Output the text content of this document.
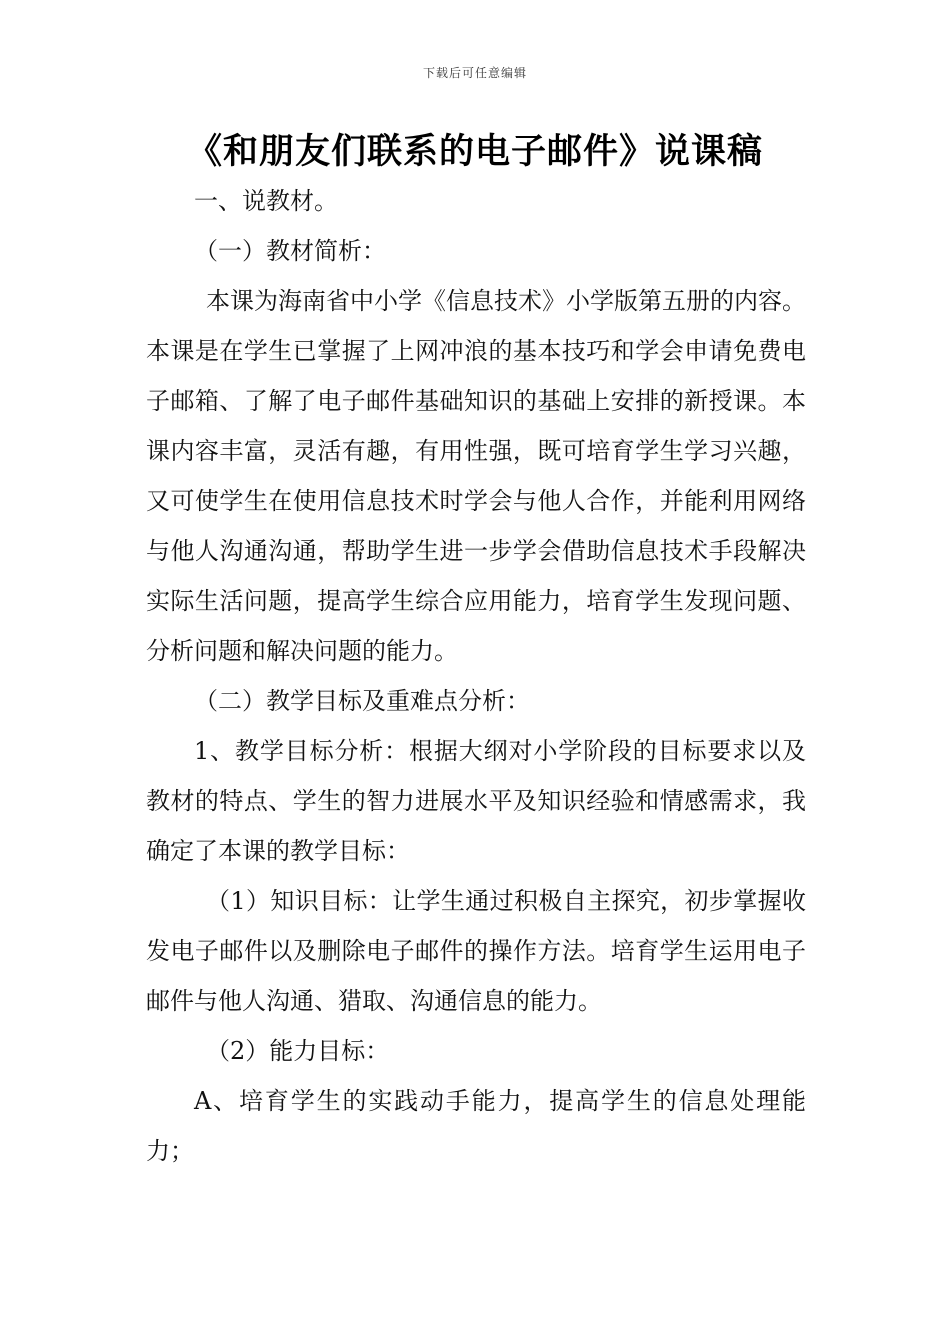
下载后可任意编辑
《和朋友们联系的电子邮件》说课稿

一、说教材。

（一）教材简析：

本课为海南省中小学《信息技术》小学版第五册的内容。本课是在学生已掌握了上网冲浪的基本技巧和学会申请免费电子邮箱、了解了电子邮件基础知识的基础上安排的新授课。本课内容丰富，灵活有趣，有用性强，既可培育学生学习兴趣，又可使学生在使用信息技术时学会与他人合作，并能利用网络与他人沟通沟通，帮助学生进一步学会借助信息技术手段解决实际生活问题，提高学生综合应用能力，培育学生发现问题、分析问题和解决问题的能力。

（二）教学目标及重难点分析：

1、教学目标分析：根据大纲对小学阶段的目标要求以及教材的特点、学生的智力进展水平及知识经验和情感需求，我确定了本课的教学目标：

（1）知识目标：让学生通过积极自主探究，初步掌握收发电子邮件以及删除电子邮件的操作方法。培育学生运用电子邮件与他人沟通、猎取、沟通信息的能力。

（2）能力目标：

A、培育学生的实践动手能力，提高学生的信息处理能力；
